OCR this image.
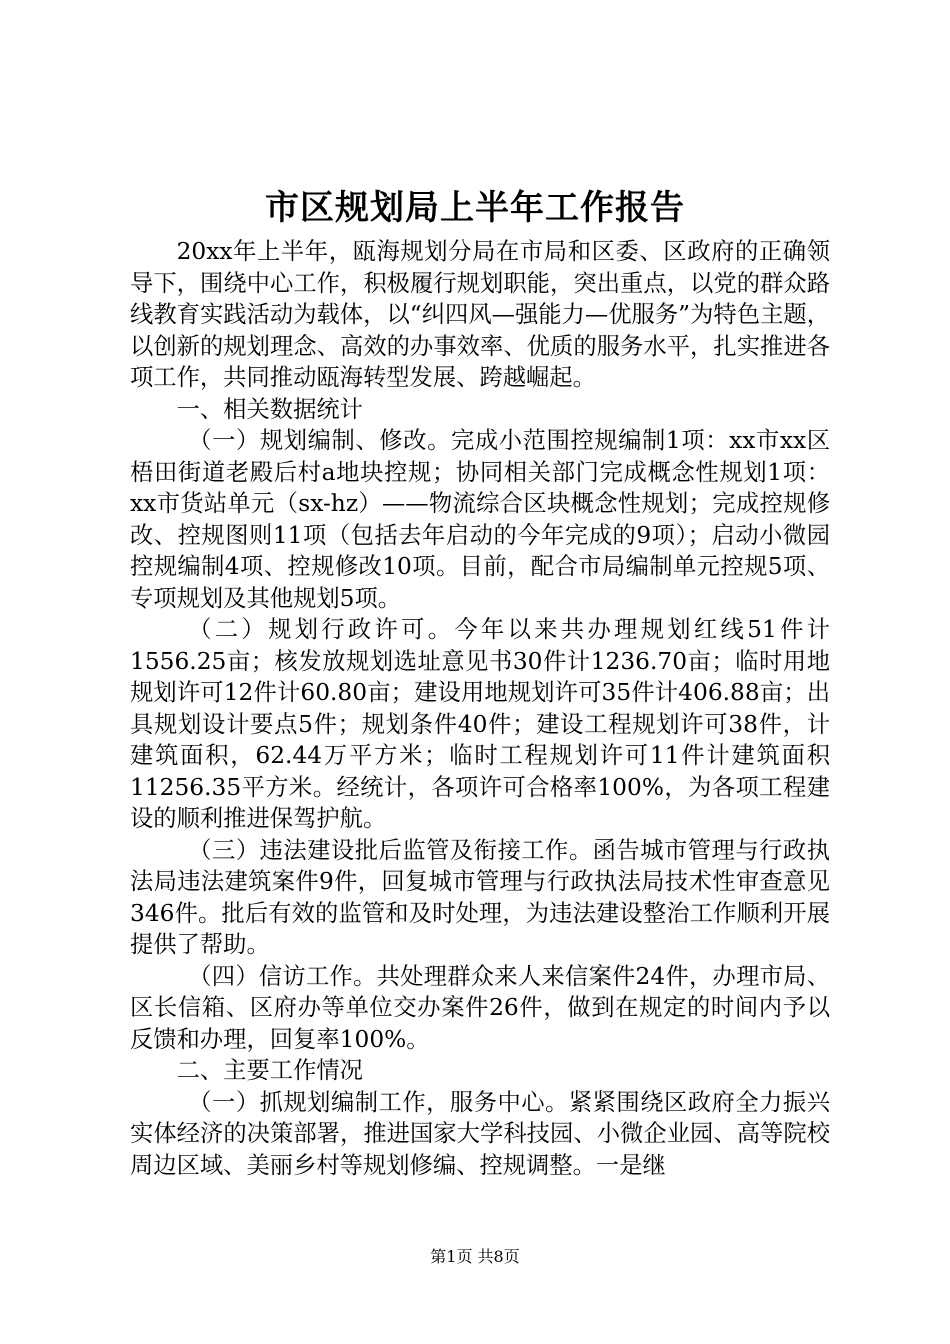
市区规划局上半年工作报告

20xx年上半年，瓯海规划分局在市局和区委、区政府的正确领导下，围绕中心工作，积极履行规划职能，突出重点，以党的群众路线教育实践活动为载体，以“纠四风—强能力—优服务”为特色主题，以创新的规划理念、高效的办事效率、优质的服务水平，扎实推进各项工作，共同推动瓯海转型发展、跨越崛起。

一、相关数据统计

（一）规划编制、修改。完成小范围控规编制1项：xx市xx区梧田街道老殿后村a地块控规；协同相关部门完成概念性规划1项：xx市货站单元（sx-hz）——物流综合区块概念性规划；完成控规修改、控规图则11项（包括去年启动的今年完成的9项）；启动小微园控规编制4项、控规修改10项。目前，配合市局编制单元控规5项、专项规划及其他规划5项。

（二）规划行政许可。今年以来共办理规划红线51件计1556.25亩；核发放规划选址意见书30件计1236.70亩；临时用地规划许可12件计60.80亩；建设用地规划许可35件计406.88亩；出具规划设计要点5件；规划条件40件；建设工程规划许可38件，计建筑面积，62.44万平方米；临时工程规划许可11件计建筑面积11256.35平方米。经统计，各项许可合格率100%，为各项工程建设的顺利推进保驾护航。

（三）违法建设批后监管及衔接工作。函告城市管理与行政执法局违法建筑案件9件，回复城市管理与行政执法局技术性审查意见346件。批后有效的监管和及时处理，为违法建设整治工作顺利开展提供了帮助。

（四）信访工作。共处理群众来人来信案件24件，办理市局、区长信箱、区府办等单位交办案件26件，做到在规定的时间内予以反馈和办理，回复率100%。

二、主要工作情况

（一）抓规划编制工作，服务中心。紧紧围绕区政府全力振兴实体经济的决策部署，推进国家大学科技园、小微企业园、高等院校周边区域、美丽乡村等规划修编、控规调整。一是继

第1页 共8页
